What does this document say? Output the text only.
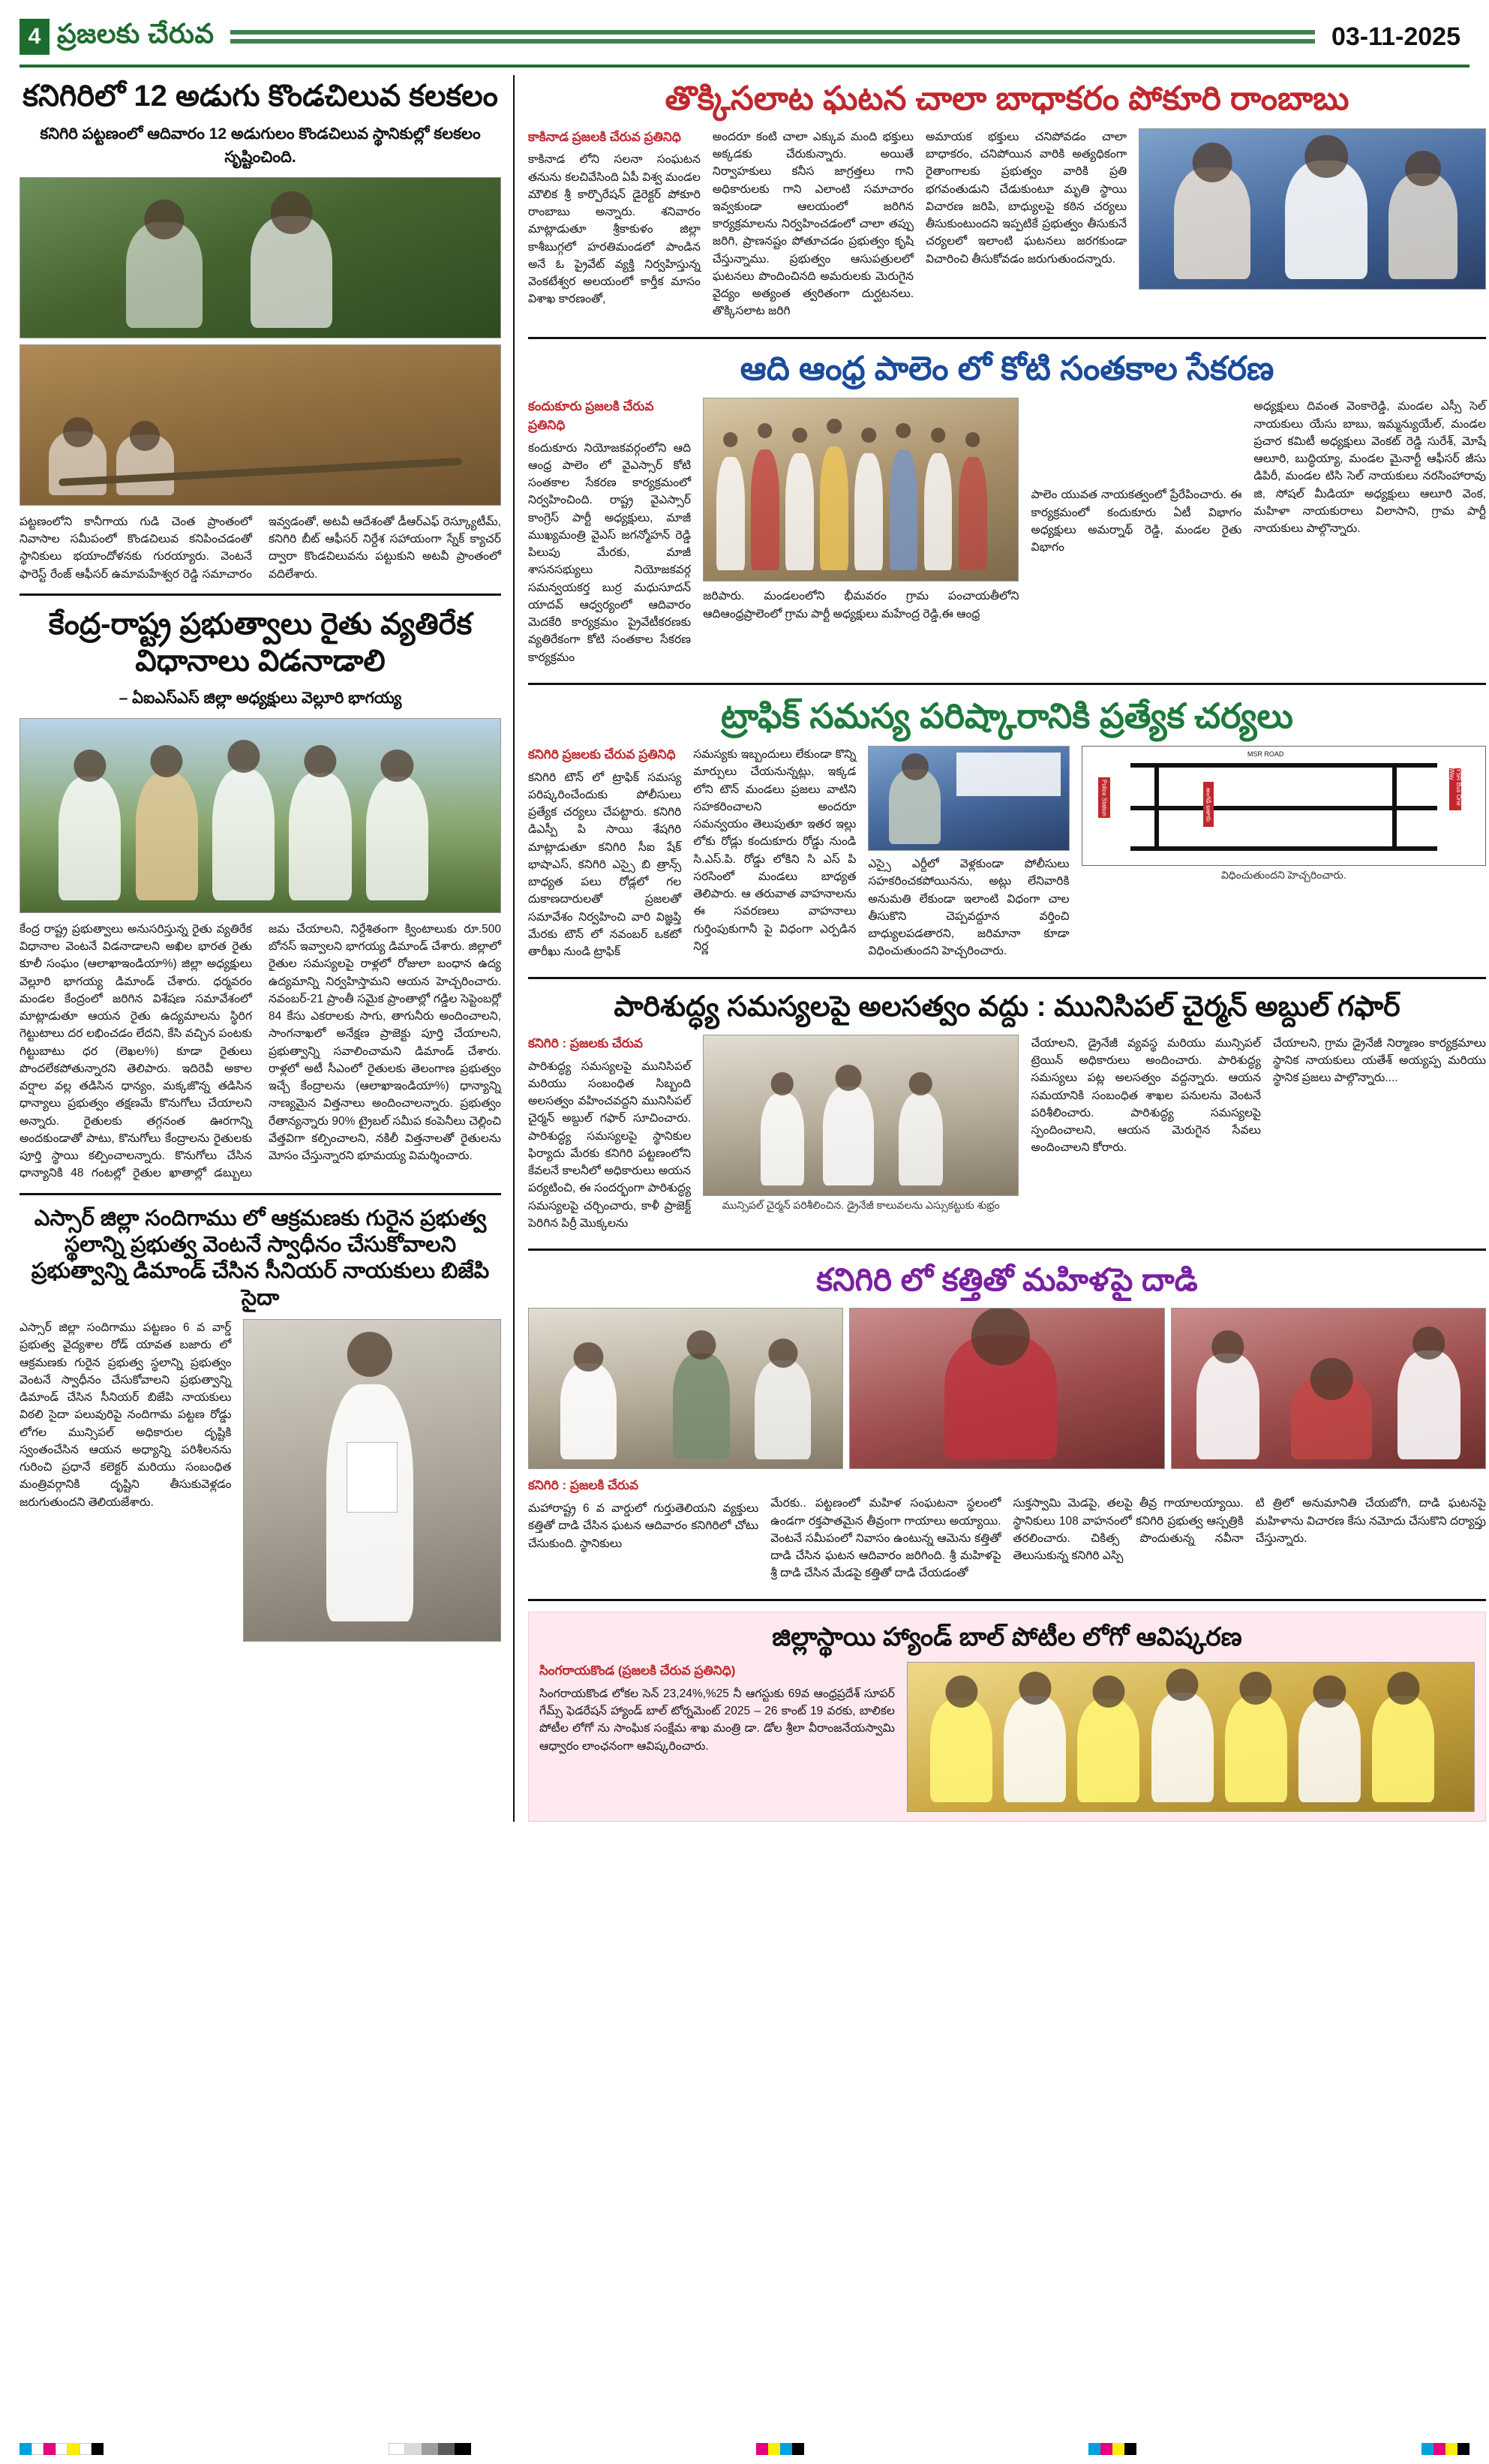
4 ప్రజలకు చేరువ	03-11-2025
కనిగిరిలో 12 అడుగు కొండచిలువ కలకలం
కనిగిరి పట్టణంలో ఆదివారం 12 అడుగులం కొండచిలువ స్థానికుల్లో కలకలం సృష్టించింది.

పట్టణంలోని కానీగాయ గుడి చెంత ప్రాంతంలో నివాసాల సమీపంలో కొండచిలువ కనిపించడంతో స్థానికులు భయాందోళనకు గురయ్యారు. వెంటనే ఫారెస్ట్ రేంజ్ ఆఫీసర్ ఉమామహేశ్వర రెడ్డి సమాచారం ఇవ్వడంతో, అటవీ ఆదేశంతో డీఆర్ఎఫ్ రెస్క్యూటీమ్, కనిగిరి బీట్ ఆఫీసర్ నిర్దేశ సహాయంగా స్నేక్ క్యాచర్ ద్వారా కొండచిలువను పట్టుకుని అటవీ ప్రాంతంలో వదిలేశారు.

కేంద్ర-రాష్ట్ర ప్రభుత్వాలు రైతు వ్యతిరేక విధానాలు విడనాడాలి
– ఏఐఎస్ఎస్ జిల్లా అధ్యక్షులు వెల్లూరి భాగయ్య

కేంద్ర రాష్ట్ర ప్రభుత్వాలు అనుసరిస్తున్న రైతు వ్యతిరేక విధానాల వెంటనే విడనాడాలని అఖిల భారత రైతు కూలీ సంఘం (ఆలాఖాఇండియా%) జిల్లా అధ్యక్షులు వెల్లూరి భాగయ్య డిమాండ్ చేశారు. ధర్మవరం మండల కేంద్రంలో జరిగిన విశేషణ సమావేశంలో మాట్లాడుతూ ఆయన రైతు ఉద్యమాలను స్థిరిగ గెట్టుటాలు దర లభించడం లేదని, కేసి వచ్చిన పంటకు గిట్టుబాటు ధర (లెఖల%) కూడా రైతులు పొందలేకపోతున్నారని తెలిపారు. ఇదిరెవీ అకాల వర్షాల వల్ల తడిసిన ధాన్యం, మక్కజొన్న తడిసిన ధాన్యాలు ప్రభుత్వం తక్షణమే కొనుగోలు చేయాలని అన్నారు. రైతులకు తగ్గనంత ఊరగాన్ని అందకుండాతో పాటు, కొనుగోలు కేంద్రాలను రైతులకు పూర్తి స్థాయి కల్పించాలన్నారు. కొనుగోలు చేసిన ధాన్యానికి 48 గంటల్లో రైతుల ఖాతాల్లో డబ్బులు జమ చేయాలని, నిర్దేశితంగా క్వింటాలుకు రూ.500 బోనస్ ఇవ్వాలని భాగయ్య డిమాండ్ చేశారు. జిల్లాలో రైతుల సమస్యలపై రాళ్లలో రోజులా బంధాన ఉద్య ఉద్యమాన్ని నిర్వహిస్తామని ఆయన హెచ్చరించారు. నవంబర్-21 ప్రాంతీ సమైక ప్రాంతాల్లో గడ్డిల సెప్టెంబర్లో 84 కేసు ఎకరాలకు సాగు, తాగునీరు అందించాలని, సాంగనాఖలో అనేక్షణ ప్రాజెక్టు పూర్తి చేయాలని, ప్రభుత్వాన్ని సవాలించామని డిమాండ్ చేశారు. రాళ్లలో అటీ సీఎంలో రైతులకు తెలంగాణ ప్రభుత్వం ఇచ్చే కేంద్రాలను (ఆలాఖాఇండియా%) ధాన్యాన్ని నాణ్యమైన విత్తనాలు అందించాలన్నారు. ప్రభుత్వం రేతాన్యన్నారు 90% ట్రైబల్ సమీప కంపెనీలు చెల్లించి వేత్తవిగా కల్పించాలని, నకిలీ విత్తనాలతో రైతులను మోసం చేస్తున్నారని భూమయ్య విమర్శించారు.

ఎస్సార్ జిల్లా సందిగాము లో ఆక్రమణకు గురైన ప్రభుత్వ స్థలాన్ని ప్రభుత్వ వెంటనే స్వాధీనం చేసుకోవాలని ప్రభుత్వాన్ని డిమాండ్ చేసిన సీనియర్ నాయకులు బిజేపి సైదా

ఎస్సార్ జిల్లా సందిగాము పట్టణం 6 వ వార్డ్ ప్రభుత్వ వైద్యశాల రోడ్ యావత బజారు లో ఆక్రమణకు గురైన ప్రభుత్వ స్థలాన్ని ప్రభుత్వం వెంటనే స్వాధీనం చేసుకోవాలని ప్రభుత్వాన్ని డిమాండ్ చేసిన సీనియర్ బిజేపి నాయకులు విఠలి సైదా పలువురిపై నందిగామ పట్టణ రోడ్డు లోగల మున్సిపల్ అధికారుల దృష్టికి స్వంతంచేసిన ఆయన అధ్యాన్ని పరిశీలనను గురించి ప్రధానే కలెక్టర్ మరియు సంబంధిత మంత్రివర్గానికి దృష్టిని తీసుకువెళ్లడం జరుగుతుందని తెలియజేశారు.

తొక్కిసలాట ఘటన చాలా బాధాకరం పోకూరి రాంబాబు
కాకినాడ ప్రజలకి చేరువ ప్రతినిధి

కాకినాడ లోని సలనా సంఘటన తనును కలచివేసింది ఏపీ విశ్వ మండల మౌలిక శ్రీ కార్పొరేషన్ డైరెక్టర్ పోకూరి రాంబాబు అన్నారు. శనివారం మాట్లాడుతూ శ్రీకాకుళం జిల్లా కాశీబుగ్గలో హరతిమండలో పాండిన అనే ఓ ప్రైవేట్ వ్యక్తి నిర్వహిస్తున్న వెంకటేశ్వర అలయంలో కార్తీక మాసం విశాఖ కారణంతో,

అందరూ కంటి చాలా ఎక్కువ మంది భక్తులు అక్కడకు చేరుకున్నారు. అయితే నిర్వాహకులు కనీస జాగ్రత్తలు గాని అధికారులకు గాని ఎలాంటి సమాచారం ఇవ్వకుండా ఆలయంలో జరిగిన కార్యక్రమాలను నిర్వహించడంలో చాలా తప్పు జరిగి, ప్రాణనష్టం పోతూచడం ప్రభుత్వం కృషి చేస్తున్నాము. ప్రభుత్వం ఆసుపత్రులలో ఘటనలు పొందించినది అమరులకు మెరుగైన వైద్యం అత్యంత త్వరితంగా దుర్ఘటనలు. తొక్కిసలాట జరిగి

అమాయక భక్తులు చనిపోవడం చాలా బాధాకరం, చనిపోయిన వారికి అత్యధికంగా రైతాంగాలకు ప్రభుత్వం వారికి ప్రతి భగవంతుడుని చేడుకుంటూ మృతి స్థాయి విచారణ జరిపి, బాధ్యులపై కఠిన చర్యలు తీసుకుంటుందని ఇప్పటికే ప్రభుత్వం తీసుకునే చర్యలలో ఇలాంటి ఘటనలు జరగకుండా విచారించి తీసుకోవడం జరుగుతుందన్నారు.

ఆది ఆంధ్ర పాలెం లో కోటి సంతకాల సేకరణ
కందుకూరు ప్రజలకి చేరువ ప్రతినిధి

కందుకూరు నియోజకవర్గంలోని ఆది ఆంధ్ర పాలెం లో వైఎస్సార్ కోటి సంతకాల సేకరణ కార్యక్రమంలో నిర్వహించింది. రాష్ట్ర వైఎస్సార్ కాంగ్రెస్ పార్టీ అధ్యక్షులు, మాజీ ముఖ్యమంత్రి వైఎస్ జగన్మోహన్ రెడ్డి పిలుపు మేరకు, మాజీ శాసనసభ్యులు నియోజకవర్గ సమన్వయకర్త బుర్ర మధుసూదన్ యాదవ్ ఆధ్వర్యంలో ఆదివారం మెదకేరి కార్యక్రమం ప్రైవేటీకరణకు వ్యతిరేకంగా కోటి సంతకాల సేకరణ కార్యక్రమం

జరిపారు. మండలంలోని భీమవరం గ్రామ పంచాయతీలోని ఆదిఆంధ్రప్రాలెంలో గ్రామ పార్టీ అధ్యక్షులు మహేంద్ర రెడ్డి,ఈ ఆంధ్ర

పాలెం యువత నాయకత్వంలో ప్రేరేపించారు. ఈ కార్యక్రమంలో కందుకూరు ఏటీ విభాగం అధ్యక్షులు అమర్నాథ్ రెడ్డి, మండల రైతు విభాగం

అధ్యక్షులు దివంత వెంకారెడ్డి, మండల ఎస్సీ సెల్ నాయకులు యేసు బాబు, ఇమ్మన్యుయేల్, మండల ప్రచార కమిటీ అధ్యక్షులు వెంకట్ రెడ్డి సురేశ్, మోషే ఆలూరి, బుద్ధియ్యా, మండల మైనార్టీ ఆఫీసర్ జీసు డిపిరీ, మండల టిసి సెల్ నాయకులు నరసింహారావు జి, సోషల్ మీడియా అధ్యక్షులు ఆలూరి వెంక, మహిళా నాయకురాలు విలాసాని, గ్రామ పార్టీ నాయకులు పాల్గొన్నారు.

ట్రాఫిక్ సమస్య పరిష్కారానికి ప్రత్యేక చర్యలు
కనిగిరి ప్రజలకు చేరువ ప్రతినిధి

కనిగిరి టౌన్ లో ట్రాఫిక్ సమస్య పరిష్కరించేందుకు పోలీసులు ప్రత్యేక చర్యలు చేపట్టారు. కనిగిరి డిఎస్పీ పి సాయి శేషగిరి మాట్లాడుతూ కనిగిరి సీఐ షేక్ భాషాఎస్, కనిగిరి ఎస్సై బి త్రాన్స్ బాధ్యత పలు రోడ్లలో గల దుకాణదారులతో ప్రజలతో సమావేశం నిర్వహించి వారి విజ్ఞప్తి మేరకు టౌన్ లో నవంబర్ ఒకటో తారీఖు నుండి ట్రాఫిక్

సమస్యకు ఇబ్బందులు లేకుండా కొన్ని మార్పులు చేయనున్నట్లు, ఇక్కడ లోని టౌన్ మండలు ప్రజలు వాటిని సహకరించాలని అందరూ సమన్వయం తెలుపుతూ ఇతర ఇల్లు లోకు రోడ్లు కందుకూరు రోడ్డు నుండి సి.ఎస్.పి. రోడ్డు లోకిని సి ఎస్ పి సరసింలో మండలు బాధ్యత తెలిపారు. ఆ తరువాత వాహనాలను ఈ సవరణలు వాహనాలు గుర్తింపుకుగానీ పై విధంగా ఎర్పడిన నిర్ణ

ఎస్సై ఎర్దీలో వెళ్లకుండా పోలీసులు సహకరించకపోయినను, అట్లు లేనివారికి అనుమతి లేకుండా ఇలాంటి విధంగా చాల తీసుకొని చెప్పవద్దూన వర్తించి బాధ్యులపడతారని, జరిమానా కూడా విధించుతుందని హెచ్చరించారు.

MSR ROAD
YSR Bus One Way
Police Station	అంగడి బజారు
విధించుతుందని హెచ్చరించారు.
పారిశుద్ధ్య సమస్యలపై అలసత్వం వద్దు : మునిసిపల్ చైర్మన్ అబ్దుల్ గఫార్
కనిగిరి : ప్రజలకు చేరువ

పారిశుద్ధ్య సమస్యలపై మునిసిపల్ మరియు సంబంధిత సిబ్బంది అలసత్వం వహించవద్దని మునిసిపల్ చైర్మన్ అబ్దుల్ గఫార్ సూచించారు. పారిశుద్ధ్య సమస్యలపై స్థానికుల ఫిర్యాదు మేరకు కనిగిరి పట్టణంలోని కేవలనే కాలనీలో అధికారులు అయన పర్యటించి, ఈ సందర్భంగా పారిశుద్ధ్య సమస్యలపై చర్చించారు, కాళీ ప్రాజెక్ట్ పెరిగిన పిర్రీ మొక్కలను

మున్సిపల్ చైర్మన్ పరిశీలించిన. డ్రైనేజీ కాలువలను ఎస్సుకట్టుకు శుభ్రం

చేయాలని, డ్రైనేజీ వ్యవస్థ మరియు మున్సిపల్ ట్రెయిన్ అధికారులు అందించారు. పారిశుద్ధ్య సమస్యలు పట్ల అలసత్వం వద్దన్నారు. ఆయన సమయానికి సంబంధిత శాఖల పనులను వెంటనే పరిశీలించారు. పారిశుద్ధ్య సమస్యలపై స్పందించాలని, ఆయన మెరుగైన సేవలు అందించాలని కోరారు.

చేయాలని, గ్రామ డ్రైనేజీ నిర్మాణం కార్యక్రమాలు స్థానిక నాయకులు యతేశ్ అయ్యప్ప మరియు స్థానిక ప్రజలు పాల్గొన్నారు....

కనిగిరి లో కత్తితో మహిళపై దాడి
కనిగిరి : ప్రజలకి చేరువ

మహారాష్ట్ర 6 వ వార్డులో గుర్తుతెలియని వ్యక్తులు కత్తితో దాడి చేసిన ఘటన ఆదివారం కనిగిరిలో చోటు చేసుకుంది. స్థానికులు

మేరకు.. పట్టణంలో మహిళ సంఘటనా స్థలంలో ఉండగా రక్తపాతమైన తీవ్రంగా గాయాలు అయ్యాయి. వెంటనే సమీపంలో నివాసం ఉంటున్న ఆమెను కత్తితో దాడి చేసిన ఘటన ఆదివారం జరిగింది. శ్రీ మహిళపై శ్రీ దాడి చేసిన మేడపై కత్తితో దాడి చేయడంతో

సుక్తస్వామి మెడపై, తలపై తీవ్ర గాయాలయ్యాయి. స్థానికులు 108 వాహనంలో కనిగిరి ప్రభుత్వ ఆస్పత్రికి తరలించారు. చికిత్స పొందుతున్న నవీనా తెలుసుకున్న కనిగిరి ఎస్పి

టి త్రిలో అనుమానితి చేయబోగి, దాడి ఘటనపై మహిళాను విచారణ కేసు నమోదు చేసుకొని దర్యాప్తు చేస్తున్నారు.

జిల్లాస్థాయి హ్యాండ్ బాల్ పోటీల లోగో ఆవిష్కరణ
సింగరాయకొండ (ప్రజలకి చేరువ ప్రతినిధి)

సింగరాయకొండ లోకల సెన్ 23,24%,%25 నీ ఆగస్టుకు 69వ ఆంధ్రప్రదేశ్ సూపర్ గేమ్స్ ఫెడరేషన్ హ్యాండ్ బాల్ టోర్నమెంట్ 2025 – 26 కాంట్ 19 వరకు, బాలికల పోటీల లోగో ను సాంఘిక సంక్షేమ శాఖ మంత్రి డా. డోల శ్రీలా వీరాంజనేయస్వామి ఆధ్వారం లాంఛనంగా ఆవిష్కరించారు.
